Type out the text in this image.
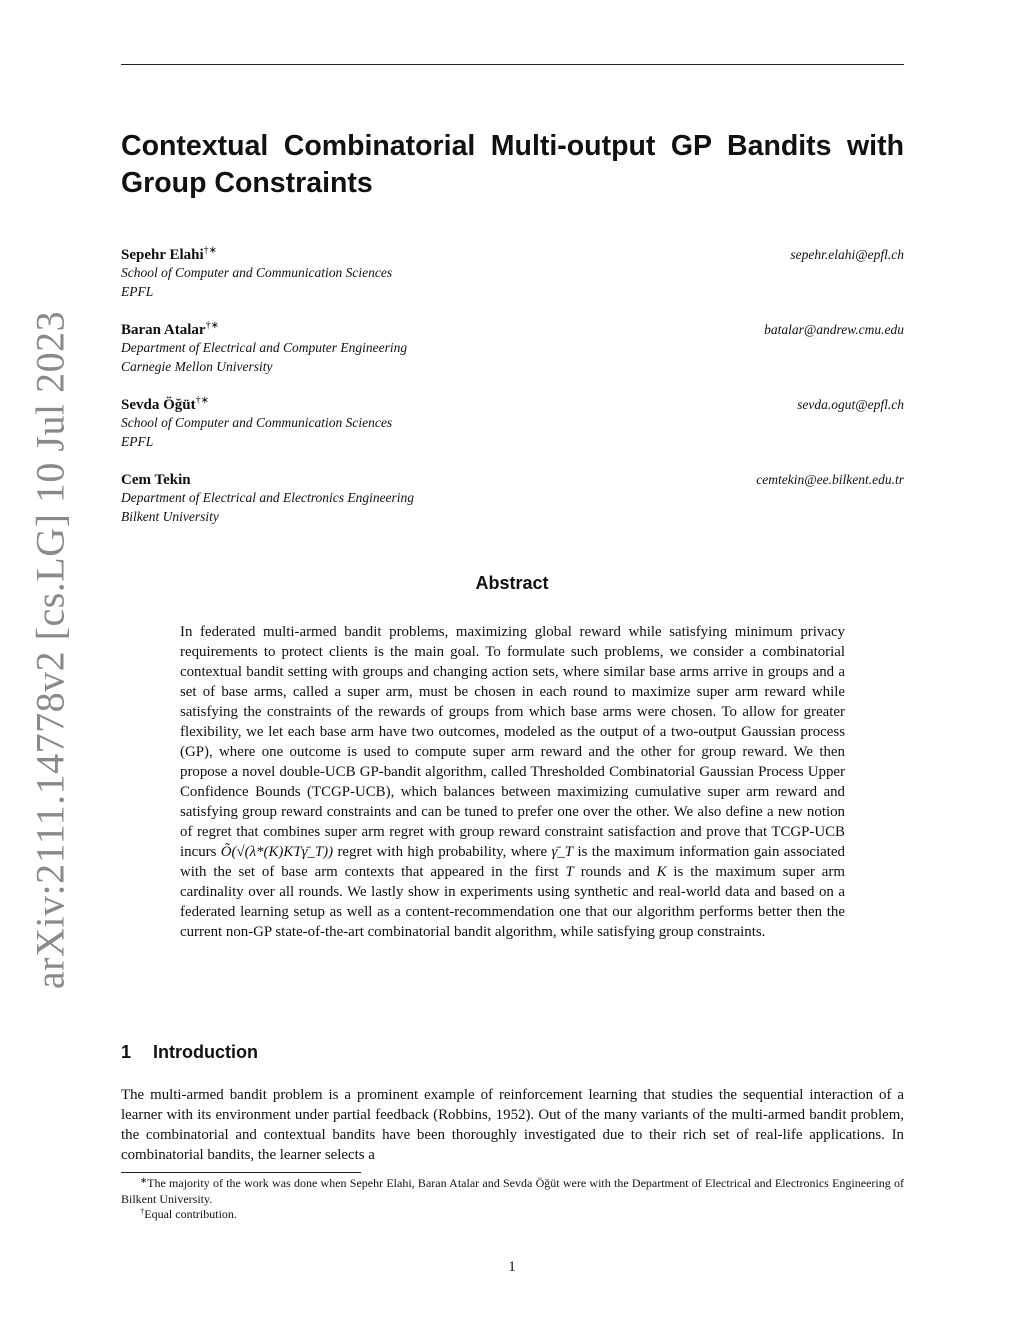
arXiv:2111.14778v2 [cs.LG] 10 Jul 2023
Contextual Combinatorial Multi-output GP Bandits with Group Constraints
Sepehr Elahi†∗	sepehr.elahi@epfl.ch
School of Computer and Communication Sciences
EPFL
Baran Atalar†∗	batalar@andrew.cmu.edu
Department of Electrical and Computer Engineering
Carnegie Mellon University
Sevda Öğüt†∗	sevda.ogut@epfl.ch
School of Computer and Communication Sciences
EPFL
Cem Tekin	cemtekin@ee.bilkent.edu.tr
Department of Electrical and Electronics Engineering
Bilkent University
Abstract

In federated multi-armed bandit problems, maximizing global reward while satisfying minimum privacy requirements to protect clients is the main goal. To formulate such problems, we consider a combinatorial contextual bandit setting with groups and changing action sets, where similar base arms arrive in groups and a set of base arms, called a super arm, must be chosen in each round to maximize super arm reward while satisfying the constraints of the rewards of groups from which base arms were chosen. To allow for greater flexibility, we let each base arm have two outcomes, modeled as the output of a two-output Gaussian process (GP), where one outcome is used to compute super arm reward and the other for group reward. We then propose a novel double-UCB GP-bandit algorithm, called Thresholded Combinatorial Gaussian Process Upper Confidence Bounds (TCGP-UCB), which balances between maximizing cumulative super arm reward and satisfying group reward constraints and can be tuned to prefer one over the other. We also define a new notion of regret that combines super arm regret with group reward constraint satisfaction and prove that TCGP-UCB incurs Õ(√(λ*(K)KTγ̄_T)) regret with high probability, where γ̄_T is the maximum information gain associated with the set of base arm contexts that appeared in the first T rounds and K is the maximum super arm cardinality over all rounds. We lastly show in experiments using synthetic and real-world data and based on a federated learning setup as well as a content-recommendation one that our algorithm performs better then the current non-GP state-of-the-art combinatorial bandit algorithm, while satisfying group constraints.

1 Introduction

The multi-armed bandit problem is a prominent example of reinforcement learning that studies the sequential interaction of a learner with its environment under partial feedback (Robbins, 1952). Out of the many variants of the multi-armed bandit problem, the combinatorial and contextual bandits have been thoroughly investigated due to their rich set of real-life applications. In combinatorial bandits, the learner selects a

∗The majority of the work was done when Sepehr Elahi, Baran Atalar and Sevda Öğüt were with the Department of Electrical and Electronics Engineering of Bilkent University.

†Equal contribution.

1
